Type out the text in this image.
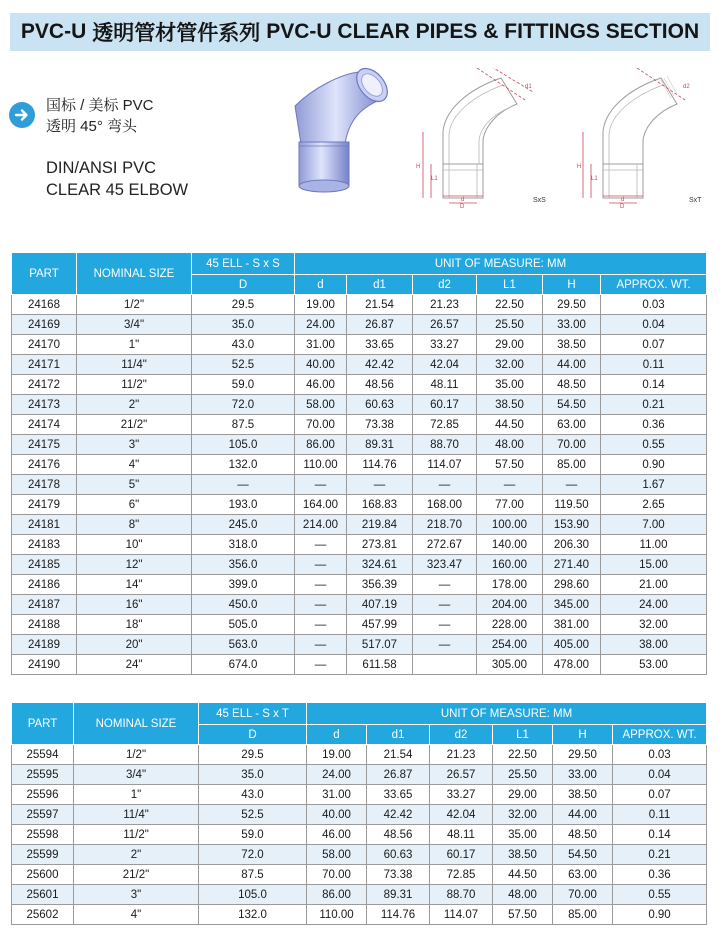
PVC-U 透明管材管件系列 PVC-U CLEAR PIPES & FITTINGS SECTION
国标 / 美标 PVC
透明 45° 弯头
DIN/ANSI PVC
CLEAR 45 ELBOW
d1
L1
H
d
D
SxS
d2
L1
H
d
D
SxT
PART	NOMINAL SIZE	45 ELL - S x S	UNIT OF MEASURE: MM					
		D	d	d1	d2	L1	H	APPROX. WT.
24168	1/2"	29.5	19.00	21.54	21.23	22.50	29.50	0.03
24169	3/4"	35.0	24.00	26.87	26.57	25.50	33.00	0.04
24170	1"	43.0	31.00	33.65	33.27	29.00	38.50	0.07
24171	11/4"	52.5	40.00	42.42	42.04	32.00	44.00	0.11
24172	11/2"	59.0	46.00	48.56	48.11	35.00	48.50	0.14
24173	2"	72.0	58.00	60.63	60.17	38.50	54.50	0.21
24174	21/2"	87.5	70.00	73.38	72.85	44.50	63.00	0.36
24175	3"	105.0	86.00	89.31	88.70	48.00	70.00	0.55
24176	4"	132.0	110.00	114.76	114.07	57.50	85.00	0.90
24178	5"	—	—	—	—	—	—	1.67
24179	6"	193.0	164.00	168.83	168.00	77.00	119.50	2.65
24181	8"	245.0	214.00	219.84	218.70	100.00	153.90	7.00
24183	10"	318.0	—	273.81	272.67	140.00	206.30	11.00
24185	12"	356.0	—	324.61	323.47	160.00	271.40	15.00
24186	14"	399.0	—	356.39	—	178.00	298.60	21.00
24187	16"	450.0	—	407.19	—	204.00	345.00	24.00
24188	18"	505.0	—	457.99	—	228.00	381.00	32.00
24189	20"	563.0	—	517.07	—	254.00	405.00	38.00
24190	24"	674.0	—	611.58		305.00	478.00	53.00
PART	NOMINAL SIZE	45 ELL - S x T	UNIT OF MEASURE: MM					
		D	d	d1	d2	L1	H	APPROX. WT.
25594	1/2"	29.5	19.00	21.54	21.23	22.50	29.50	0.03
25595	3/4"	35.0	24.00	26.87	26.57	25.50	33.00	0.04
25596	1"	43.0	31.00	33.65	33.27	29.00	38.50	0.07
25597	11/4"	52.5	40.00	42.42	42.04	32.00	44.00	0.11
25598	11/2"	59.0	46.00	48.56	48.11	35.00	48.50	0.14
25599	2"	72.0	58.00	60.63	60.17	38.50	54.50	0.21
25600	21/2"	87.5	70.00	73.38	72.85	44.50	63.00	0.36
25601	3"	105.0	86.00	89.31	88.70	48.00	70.00	0.55
25602	4"	132.0	110.00	114.76	114.07	57.50	85.00	0.90
